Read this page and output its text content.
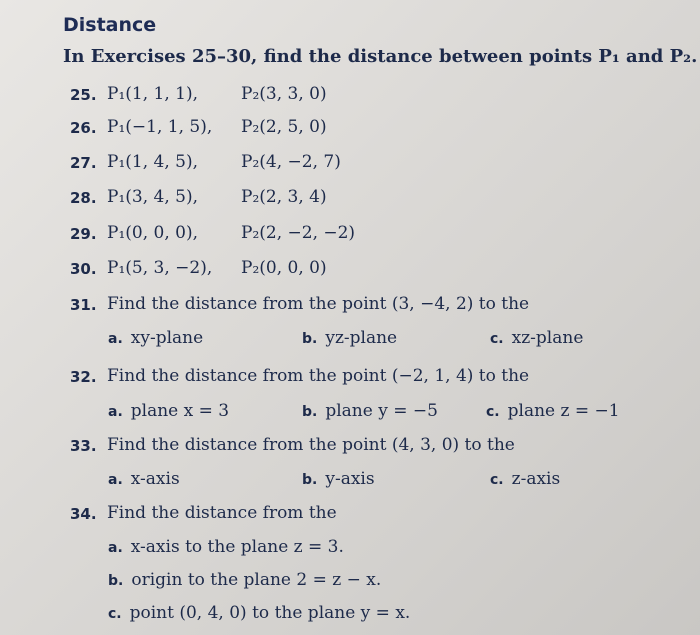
Distance
In Exercises 25–30, find the distance between points P₁ and P₂.
25. P₁(1, 1, 1),	P₂(3, 3, 0)
26. P₁(−1, 1, 5), P₂(2, 5, 0)
27. P₁(1, 4, 5),	P₂(4, −2, 7)
28. P₁(3, 4, 5),	P₂(2, 3, 4)
29. P₁(0, 0, 0),	P₂(2, −2, −2)
30. P₁(5, 3, −2), P₂(0, 0, 0)
31. Find the distance from the point (3, −4, 2) to the
a. xy-plane	b. yz-plane	c. xz-plane
32. Find the distance from the point (−2, 1, 4) to the
a. plane x = 3	b. plane y = −5	c. plane z = −1
33. Find the distance from the point (4, 3, 0) to the
a. x-axis	b. y-axis	c. z-axis
34. Find the distance from the
a. x-axis to the plane z = 3.
b. origin to the plane 2 = z − x.
c. point (0, 4, 0) to the plane y = x.
